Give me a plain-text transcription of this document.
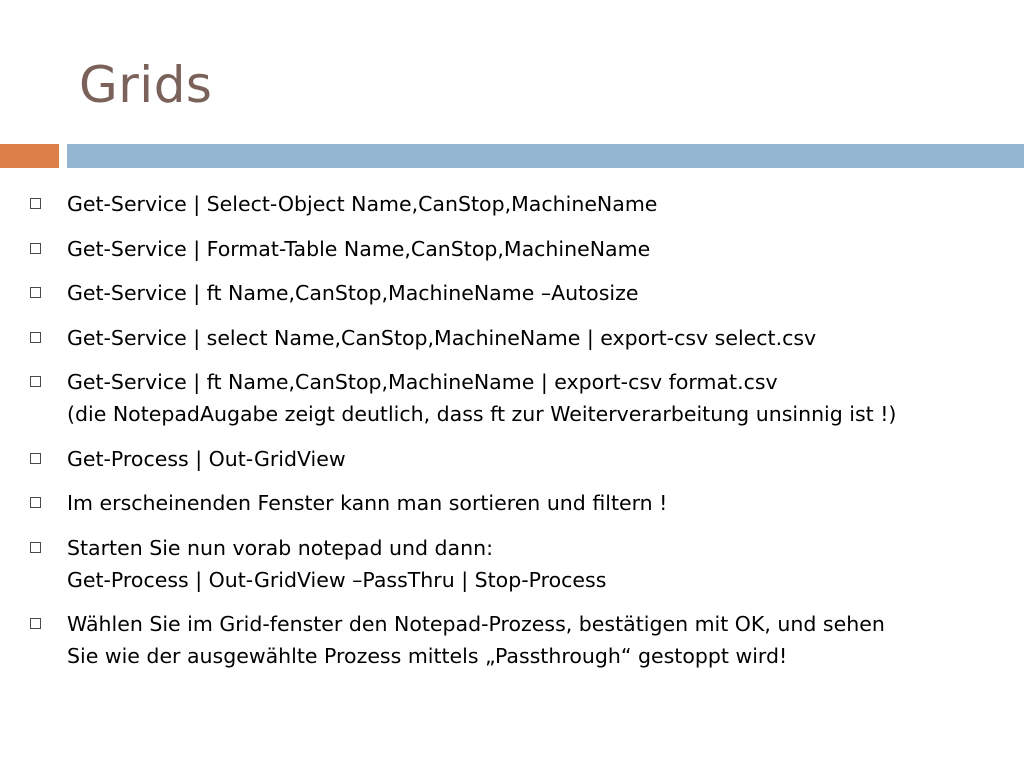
Grids
Get-Service | Select-Object Name,CanStop,MachineName
Get-Service | Format-Table Name,CanStop,MachineName
Get-Service | ft Name,CanStop,MachineName –Autosize
Get-Service | select Name,CanStop,MachineName | export-csv select.csv
Get-Service | ft Name,CanStop,MachineName | export-csv format.csv
(die NotepadAugabe zeigt deutlich, dass ft zur Weiterverarbeitung unsinnig ist !)
Get-Process | Out-GridView
Im erscheinenden Fenster kann man sortieren und filtern !
Starten Sie nun vorab notepad und dann:
Get-Process | Out-GridView –PassThru | Stop-Process
Wählen Sie im Grid-fenster den Notepad-Prozess, bestätigen mit OK, und sehen
Sie wie der ausgewählte Prozess mittels „Passthrough“ gestoppt wird!
